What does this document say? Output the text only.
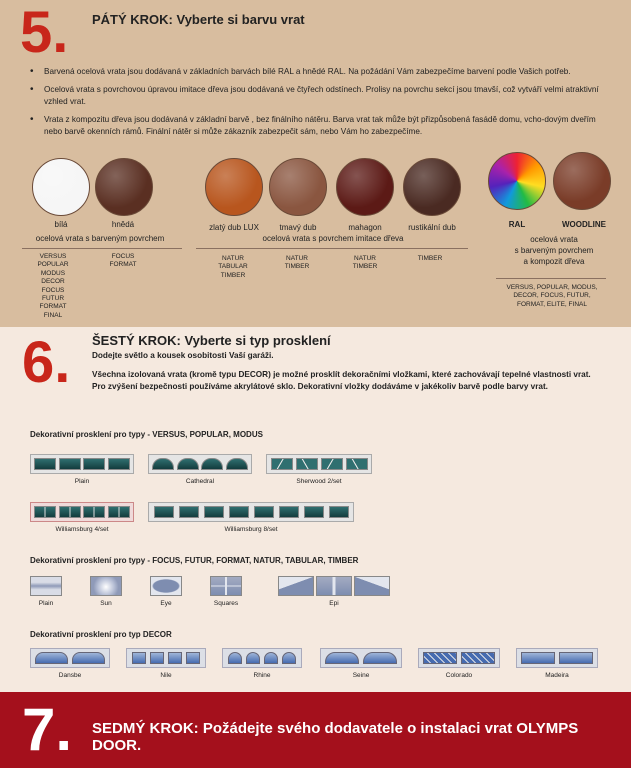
5. PÁTÝ KROK: Vyberte si barvu vrat
• Barvená ocelová vrata jsou dodávaná v základních barvách bílé RAL a hnědé RAL. Na požádání Vám zabezpečíme barvení podle Vašich potřeb.
• Ocelová vrata s povrchovou úpravou imitace dřeva jsou dodávaná ve čtyřech odstínech. Prolisy na povrchu sekcí jsou tmavší, což vytváří velmi atraktivní vzhled vrat.
• Vrata z kompozitu dřeva jsou dodávaná v základní barvě , bez finálního nátěru. Barva vrat tak může být přizpůsobená fasádě domu, vcho-dovým dveřím nebo barvě okenních rámů. Finální nátěr si může zákazník zabezpečit sám, nebo Vám ho zabezpečíme.
bílá	hnědá	zlatý dub LUX	tmavý dub	mahagon	rustikální dub	RAL	WOODLINE
ocelová vrata s barveným povrchem	ocelová vrata s povrchem imitace dřeva	ocelová vrata
s barveným povrchem
a kompozit dřeva
VERSUS
POPULAR
MODUS
DECOR
FOCUS
FUTUR
FORMAT
FINAL
FOCUS
FORMAT
NATUR
TABULAR
TIMBER
NATUR
TIMBER
NATUR
TIMBER
TIMBER
VERSUS, POPULAR, MODUS,
DECOR, FOCUS, FUTUR,
FORMAT, ELITE, FINAL
6. ŠESTÝ KROK: Vyberte si typ prosklení
Dodejte světlo a kousek osobitosti Vaší garáži.
Všechna izolovaná vrata (kromě typu DECOR) je možné prosklít dekoračními vložkami, které zachovávají tepelné vlastnosti vrat.
Pro zvýšení bezpečnosti používáme akrylátové sklo. Dekorativní vložky dodáváme v jakékoliv barvě podle barvy vrat.
Dekorativní prosklení pro typy - VERSUS, POPULAR, MODUS
Plain	Cathedral	Sherwood 2/set
Williamsburg 4/set	Williamsburg 8/set
Dekorativní prosklení pro typy - FOCUS, FUTUR, FORMAT, NATUR, TABULAR, TIMBER
Plain	Sun	Eye	Squares	Epi
Dekorativní prosklení pro typ DECOR
Dansbe	Nile	Rhine	Seine	Colorado	Madeira
7. SEDMÝ KROK: Požádejte svého dodavatele o instalaci vrat OLYMPS DOOR.
